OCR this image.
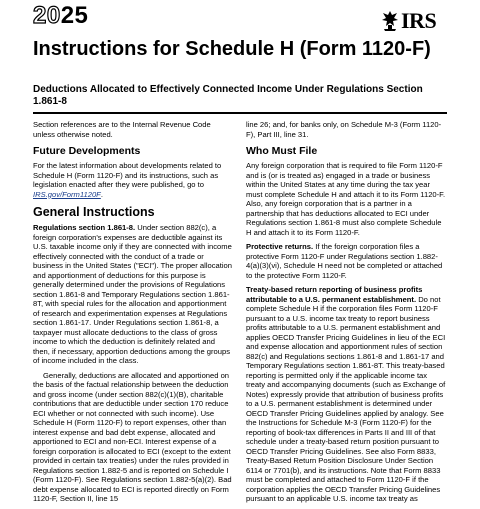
2025	IRS
Instructions for Schedule H (Form 1120-F)
Deductions Allocated to Effectively Connected Income Under Regulations Section 1.861-8

Section references are to the Internal Revenue Code unless otherwise noted.

Future Developments

For the latest information about developments related to Schedule H (Form 1120-F) and its instructions, such as legislation enacted after they were published, go to IRS.gov/Form1120F.

General Instructions

Regulations section 1.861-8. Under section 882(c), a foreign corporation's expenses are deductible against its U.S. taxable income only if they are connected with income effectively connected with the conduct of a trade or business in the United States ("ECI"). The proper allocation and apportionment of deductions for this purpose is generally determined under the provisions of Regulations section 1.861-8 and Temporary Regulations section 1.861-8T, with special rules for the allocation and apportionment of research and experimentation expenses at Regulations section 1.861-17. Under Regulations section 1.861-8, a taxpayer must allocate deductions to the class of gross income to which the deduction is definitely related and then, if necessary, apportion deductions among the groups of income included in the class.

Generally, deductions are allocated and apportioned on the basis of the factual relationship between the deduction and gross income (under section 882(c)(1)(B), charitable contributions that are deductible under section 170 reduce ECI whether or not connected with such income). Use Schedule H (Form 1120-F) to report expenses, other than interest expense and bad debt expense, allocated and apportioned to ECI and non-ECI. Interest expense of a foreign corporation is allocated to ECI (except to the extent provided in certain tax treaties) under the rules provided in Regulations section 1.882-5 and is reported on Schedule I (Form 1120-F). See Regulations section 1.882-5(a)(2). Bad debt expense allocated to ECI is reported directly on Form 1120-F, Section II, line 15

line 26; and, for banks only, on Schedule M-3 (Form 1120-F), Part III, line 31.

Who Must File

Any foreign corporation that is required to file Form 1120-F and is (or is treated as) engaged in a trade or business within the United States at any time during the tax year must complete Schedule H and attach it to its Form 1120-F. Also, any foreign corporation that is a partner in a partnership that has deductions allocated to ECI under Regulations section 1.861-8 must also complete Schedule H and attach it to its Form 1120-F.

Protective returns. If the foreign corporation files a protective Form 1120-F under Regulations section 1.882-4(a)(3)(vi), Schedule H need not be completed or attached to the protective Form 1120-F.

Treaty-based return reporting of business profits attributable to a U.S. permanent establishment. Do not complete Schedule H if the corporation files Form 1120-F pursuant to a U.S. income tax treaty to report business profits attributable to a U.S. permanent establishment and applies OECD Transfer Pricing Guidelines in lieu of the ECI and expense allocation and apportionment rules of section 882(c) and Regulations sections 1.861-8 and 1.861-17 and Temporary Regulations section 1.861-8T. This treaty-based reporting is permitted only if the applicable income tax treaty and accompanying documents (such as Exchange of Notes) expressly provide that attribution of business profits to a U.S. permanent establishment is determined under OECD Transfer Pricing Guidelines applied by analogy. See the Instructions for Schedule M-3 (Form 1120-F) for the reporting of book-tax differences in Parts II and III of that schedule under a treaty-based return position pursuant to OECD Transfer Pricing Guidelines. See also Form 8833, Treaty-Based Return Position Disclosure Under Section 6114 or 7701(b), and its instructions. Note that Form 8833 must be completed and attached to Form 1120-F if the corporation applies the OECD Transfer Pricing Guidelines pursuant to an applicable U.S. income tax treaty as
